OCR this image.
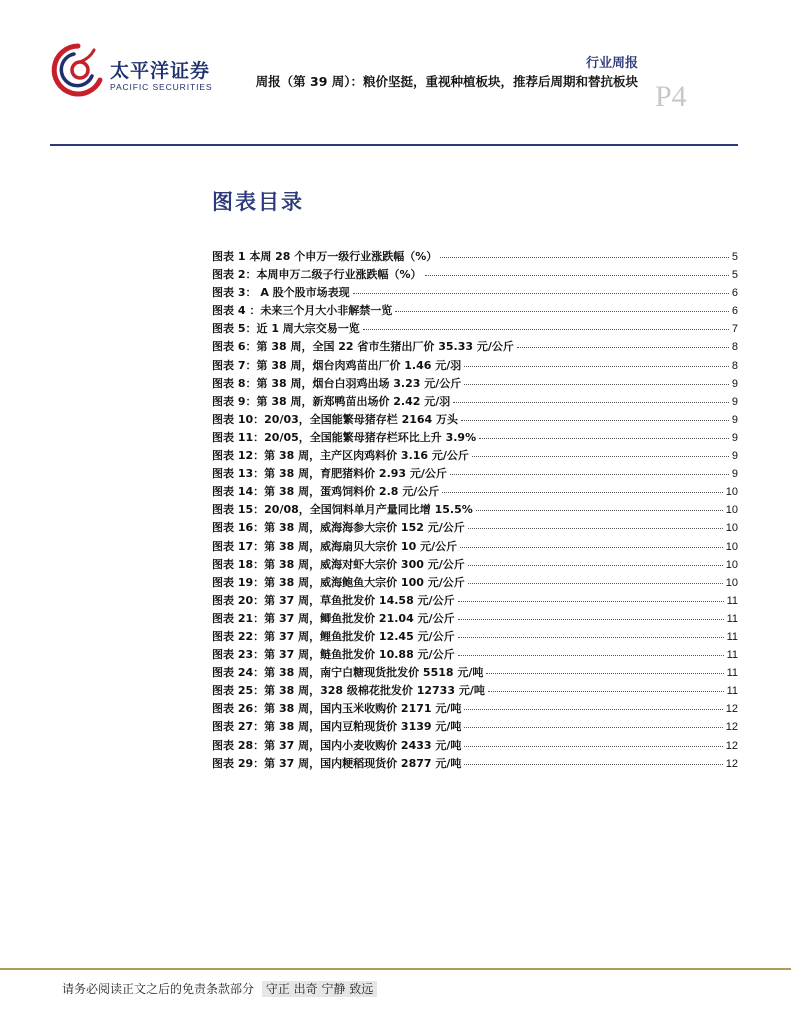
太平洋证券
PACIFIC SECURITIES
行业周报
周报（第 39 周）：粮价坚挺，重视种植板块，推荐后周期和替抗板块 P4
图表目录
图表 1 本周 28 个申万一级行业涨跌幅（%）	5
图表 2：本周申万二级子行业涨跌幅（%）	5
图表 3： A 股个股市场表现	6
图表 4 ：未来三个月大小非解禁一览	6
图表 5：近 1 周大宗交易一览	7
图表 6：第 38 周，全国 22 省市生猪出厂价 35.33 元/公斤	8
图表 7：第 38 周，烟台肉鸡苗出厂价 1.46 元/羽	8
图表 8：第 38 周，烟台白羽鸡出场 3.23 元/公斤	9
图表 9：第 38 周，新郑鸭苗出场价 2.42 元/羽	9
图表 10：20/03，全国能繁母猪存栏 2164 万头	9
图表 11：20/05，全国能繁母猪存栏环比上升 3.9%	9
图表 12：第 38 周，主产区肉鸡料价 3.16 元/公斤	9
图表 13：第 38 周，育肥猪料价 2.93 元/公斤	9
图表 14：第 38 周，蛋鸡饲料价 2.8 元/公斤	10
图表 15：20/08，全国饲料单月产量同比增 15.5%	10
图表 16：第 38 周，威海海参大宗价 152 元/公斤	10
图表 17：第 38 周，威海扇贝大宗价 10 元/公斤	10
图表 18：第 38 周，威海对虾大宗价 300 元/公斤	10
图表 19：第 38 周，威海鲍鱼大宗价 100 元/公斤	10
图表 20：第 37 周，草鱼批发价 14.58 元/公斤	11
图表 21：第 37 周，鲫鱼批发价 21.04 元/公斤	11
图表 22：第 37 周，鲤鱼批发价 12.45 元/公斤	11
图表 23：第 37 周，鲢鱼批发价 10.88 元/公斤	11
图表 24：第 38 周，南宁白糖现货批发价 5518 元/吨	11
图表 25：第 38 周，328 级棉花批发价 12733 元/吨	11
图表 26：第 38 周，国内玉米收购价 2171 元/吨	12
图表 27：第 38 周，国内豆粕现货价 3139 元/吨	12
图表 28：第 37 周，国内小麦收购价 2433 元/吨	12
图表 29：第 37 周，国内粳稻现货价 2877 元/吨	12
请务必阅读正文之后的免责条款部分 守正 出奇 宁静 致远
